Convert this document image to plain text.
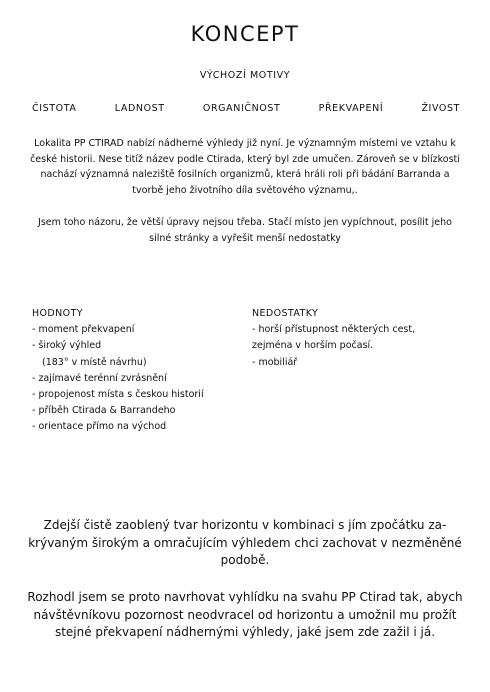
KONCEPT
VÝCHOZÍ MOTIVY
ČISTOTA	LADNOST	ORGANIČNOST	PŘEKVAPENÍ	ŽIVOST
Lokalita PP CTIRAD nabízí nádherné výhledy již nyní. Je významným místemi ve vztahu k české historii. Nese titíž název podle Ctirada, který byl zde umučen. Zároveň se v blízkosti nachází významná naleziště fosilních organizmů, která hráli roli při bádání Barranda a tvorbě jeho životního díla světového významu,.
Jsem toho názoru, že větší úpravy nejsou třeba. Stačí místo jen vypíchnout, posílit jeho silné stránky a vyřešit menší nedostatky
HODNOTY
- moment překvapení
- široký výhled
(183° v místě návrhu)
- zajímavé terénní zvrásnění
- propojenost místa s českou historií
- příběh Ctirada & Barrandeho
- orientace přímo na východ
NEDOSTATKY
- horší přístupnost některých cest,
zejména v horším počasí.
- mobiliář
Zdejší čistě zaoblený tvar horizontu v kombinaci s jím zpočátku za-krývaným širokým a omračujícím výhledem chci zachovat v nezměněné podobě.
Rozhodl jsem se proto navrhovat vyhlídku na svahu PP Ctirad tak, abych návštěvníkovu pozornost neodvracel od horizontu a umožnil mu prožít stejné překvapení nádhernými výhledy, jaké jsem zde zažil i já.
